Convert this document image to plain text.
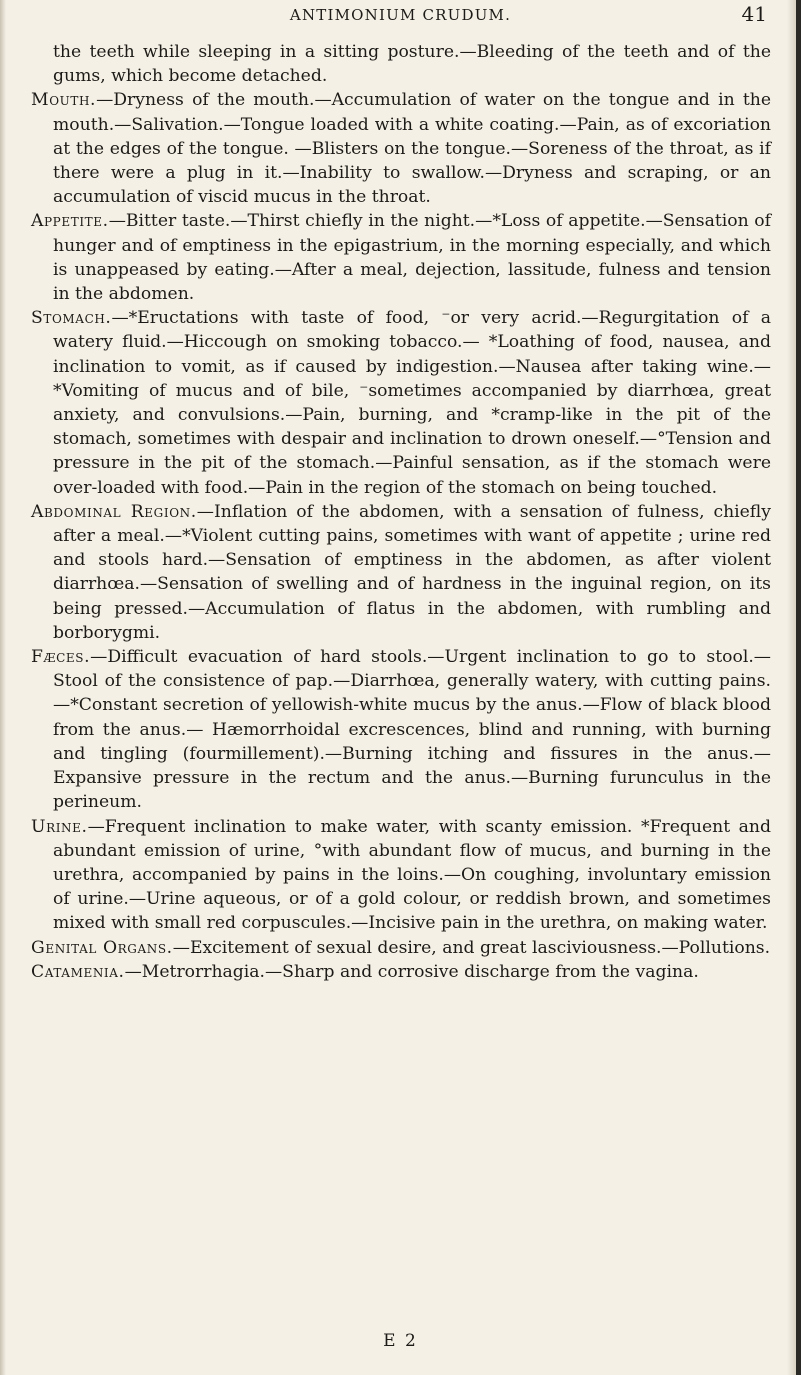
ANTIMONIUM CRUDUM.	41

the teeth while sleeping in a sitting posture.—Bleeding of the teeth and of the gums, which become detached.

Mouth.—Dryness of the mouth.—Accumulation of water on the tongue and in the mouth.—Salivation.—Tongue loaded with a white coating.—Pain, as of excoriation at the edges of the tongue. —Blisters on the tongue.—Soreness of the throat, as if there were a plug in it.—Inability to swallow.—Dryness and scraping, or an accumulation of viscid mucus in the throat.

Appetite.—Bitter taste.—Thirst chiefly in the night.—*Loss of appetite.—Sensation of hunger and of emptiness in the epigastrium, in the morning especially, and which is unappeased by eating.—After a meal, dejection, lassitude, fulness and tension in the abdomen.

Stomach.—*Eructations with taste of food, ⁻or very acrid.—Regurgitation of a watery fluid.—Hiccough on smoking tobacco.— *Loathing of food, nausea, and inclination to vomit, as if caused by indigestion.—Nausea after taking wine.—*Vomiting of mucus and of bile, ⁻sometimes accompanied by diarrhœa, great anxiety, and convulsions.—Pain, burning, and *cramp-like in the pit of the stomach, sometimes with despair and inclination to drown oneself.—°Tension and pressure in the pit of the stomach.—Painful sensation, as if the stomach were over-loaded with food.—Pain in the region of the stomach on being touched.

Abdominal Region.—Inflation of the abdomen, with a sensation of fulness, chiefly after a meal.—*Violent cutting pains, sometimes with want of appetite ; urine red and stools hard.—Sensation of emptiness in the abdomen, as after violent diarrhœa.—Sensation of swelling and of hardness in the inguinal region, on its being pressed.—Accumulation of flatus in the abdomen, with rumbling and borborygmi.

Fæces.—Difficult evacuation of hard stools.—Urgent inclination to go to stool.—Stool of the consistence of pap.—Diarrhœa, generally watery, with cutting pains.—*Constant secretion of yellowish-white mucus by the anus.—Flow of black blood from the anus.— Hæmorrhoidal excrescences, blind and running, with burning and tingling (fourmillement).—Burning itching and fissures in the anus.—Expansive pressure in the rectum and the anus.—Burning furunculus in the perineum.

Urine.—Frequent inclination to make water, with scanty emission. *Frequent and abundant emission of urine, °with abundant flow of mucus, and burning in the urethra, accompanied by pains in the loins.—On coughing, involuntary emission of urine.—Urine aqueous, or of a gold colour, or reddish brown, and sometimes mixed with small red corpuscules.—Incisive pain in the urethra, on making water.

Genital Organs.—Excitement of sexual desire, and great lasciviousness.—Pollutions.

Catamenia.—Metrorrhagia.—Sharp and corrosive discharge from the vagina.

E 2
